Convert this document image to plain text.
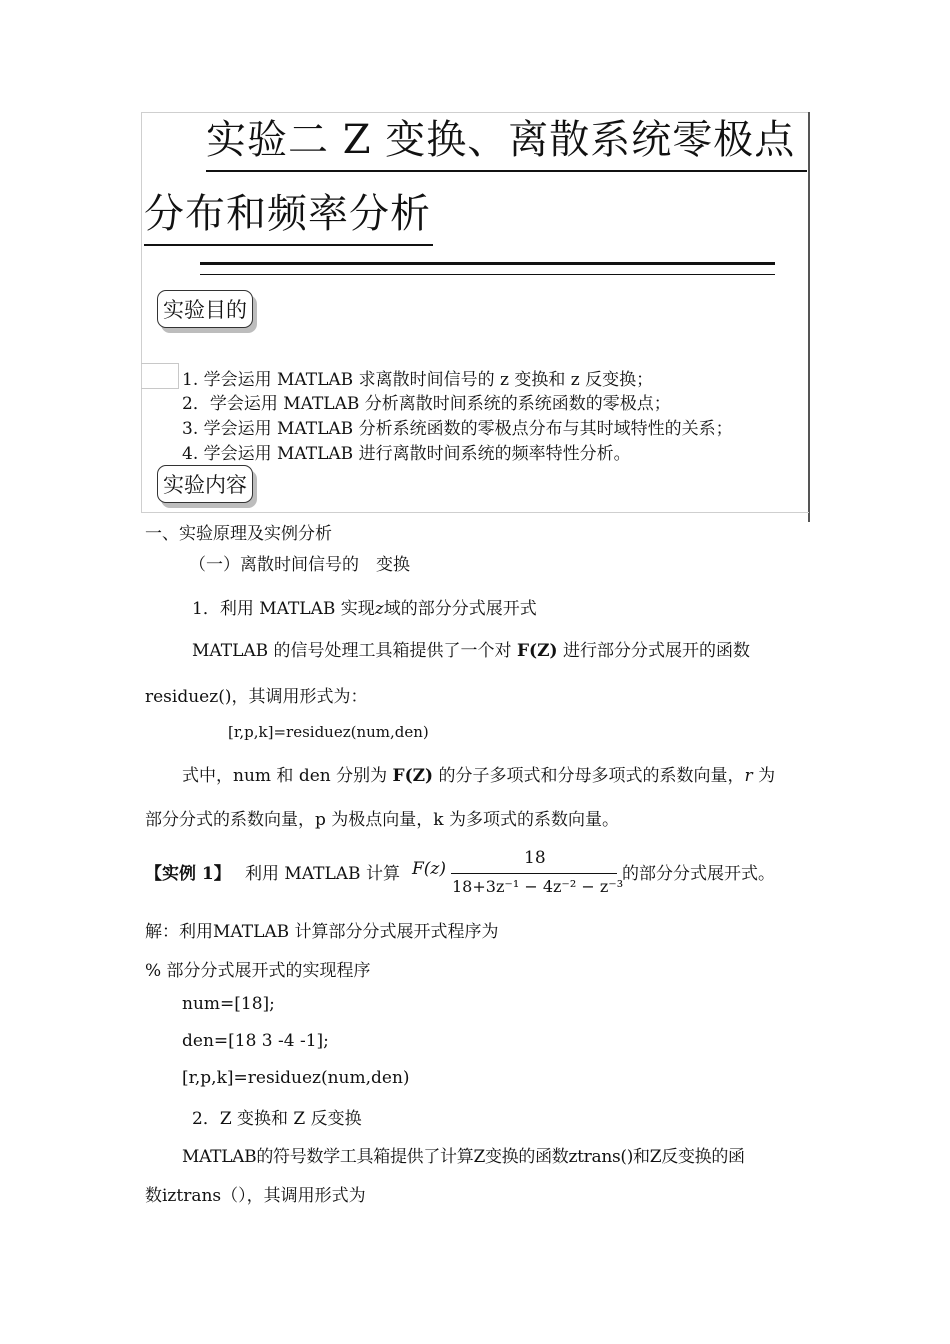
实验二 Z 变换、离散系统零极点
分布和频率分析
实验目的
1. 学会运用 MATLAB 求离散时间信号的 z 变换和 z 反变换；
2．学会运用 MATLAB 分析离散时间系统的系统函数的零极点；
3. 学会运用 MATLAB 分析系统函数的零极点分布与其时域特性的关系；
4. 学会运用 MATLAB 进行离散时间系统的频率特性分析。
实验内容
一、实验原理及实例分析
（一）离散时间信号的　变换
1．利用 MATLAB 实现z域的部分分式展开式
MATLAB 的信号处理工具箱提供了一个对 F(Z) 进行部分分式展开的函数
residuez()，其调用形式为：
[r,p,k]=residuez(num,den)
式中，num 和 den 分别为 F(Z) 的分子多项式和分母多项式的系数向量，r 为
部分分式的系数向量，p 为极点向量，k 为多项式的系数向量。
【实例 1】 利用 MATLAB 计算 F(z)
18
18+3z⁻¹ − 4z⁻² − z⁻³
的部分分式展开式。
解：利用MATLAB 计算部分分式展开式程序为
% 部分分式展开式的实现程序
num=[18];
den=[18 3 -4 -1];
[r,p,k]=residuez(num,den)
2．Z 变换和 Z 反变换
MATLAB的符号数学工具箱提供了计算Z变换的函数ztrans()和Z反变换的函
数iztrans（），其调用形式为
